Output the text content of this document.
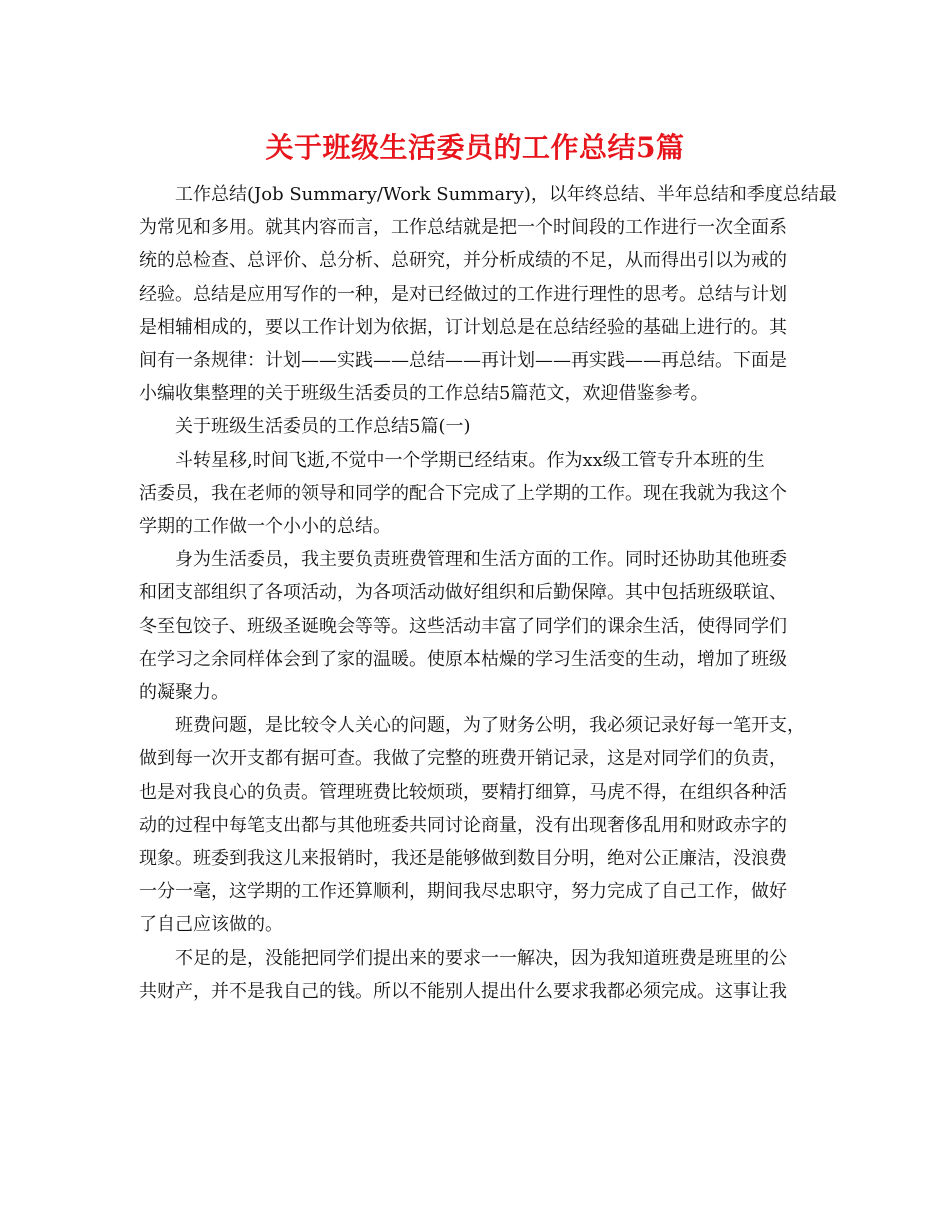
关于班级生活委员的工作总结5篇

工作总结(Job Summary/Work Summary)，以年终总结、半年总结和季度总结最
为常见和多用。就其内容而言，工作总结就是把一个时间段的工作进行一次全面系
统的总检查、总评价、总分析、总研究，并分析成绩的不足，从而得出引以为戒的
经验。总结是应用写作的一种，是对已经做过的工作进行理性的思考。总结与计划
是相辅相成的，要以工作计划为依据，订计划总是在总结经验的基础上进行的。其
间有一条规律：计划——实践——总结——再计划——再实践——再总结。下面是
小编收集整理的关于班级生活委员的工作总结5篇范文，欢迎借鉴参考。

关于班级生活委员的工作总结5篇(一)

斗转星移,时间飞逝,不觉中一个学期已经结束。作为xx级工管专升本班的生
活委员，我在老师的领导和同学的配合下完成了上学期的工作。现在我就为我这个
学期的工作做一个小小的总结。

身为生活委员，我主要负责班费管理和生活方面的工作。同时还协助其他班委
和团支部组织了各项活动，为各项活动做好组织和后勤保障。其中包括班级联谊、
冬至包饺子、班级圣诞晚会等等。这些活动丰富了同学们的课余生活，使得同学们
在学习之余同样体会到了家的温暖。使原本枯燥的学习生活变的生动，增加了班级
的凝聚力。

班费问题，是比较令人关心的问题，为了财务公明，我必须记录好每一笔开支，
做到每一次开支都有据可查。我做了完整的班费开销记录，这是对同学们的负责，
也是对我良心的负责。管理班费比较烦琐，要精打细算，马虎不得，在组织各种活
动的过程中每笔支出都与其他班委共同讨论商量，没有出现奢侈乱用和财政赤字的
现象。班委到我这儿来报销时，我还是能够做到数目分明，绝对公正廉洁，没浪费
一分一毫，这学期的工作还算顺利，期间我尽忠职守，努力完成了自己工作，做好
了自己应该做的。

不足的是，没能把同学们提出来的要求一一解决，因为我知道班费是班里的公
共财产，并不是我自己的钱。所以不能别人提出什么要求我都必须完成。这事让我
